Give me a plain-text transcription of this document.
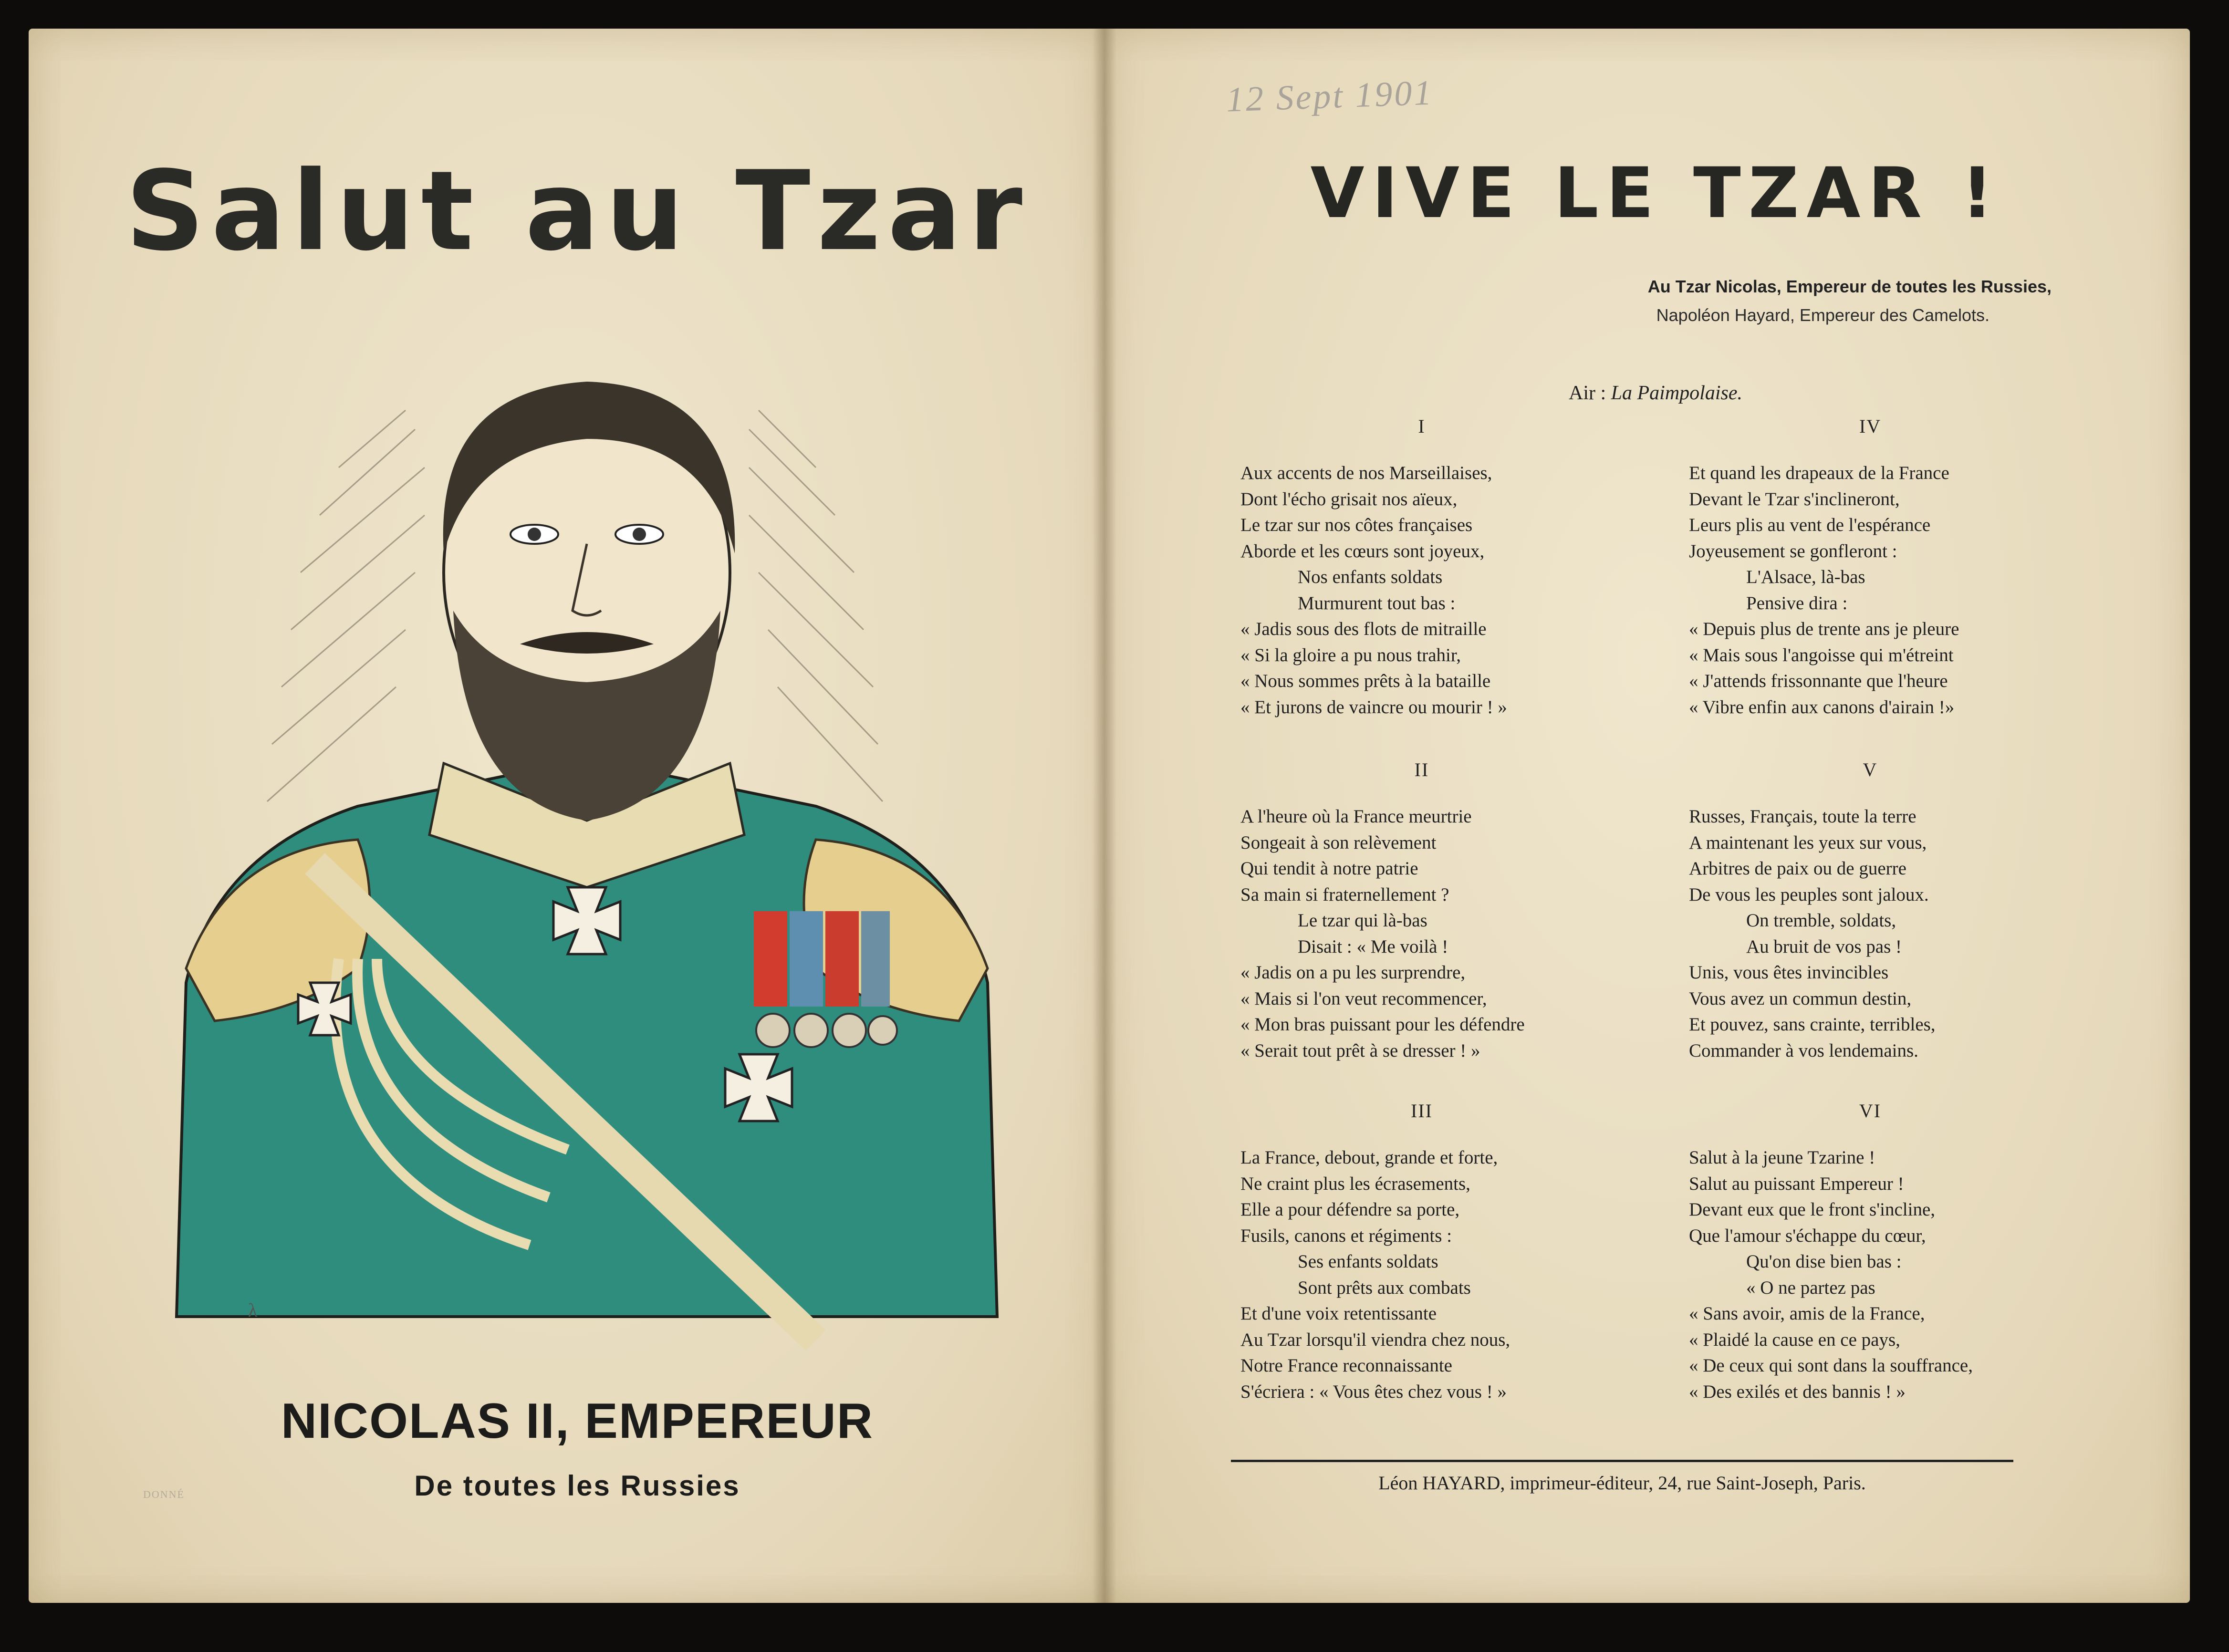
Salut au Tzar
λ
NICOLAS II, EMPEREUR
De toutes les Russies
DONNÉ
12 Sept 1901
VIVE LE TZAR !
Au Tzar Nicolas, Empereur de toutes les Russies,
Napoléon Hayard, Empereur des Camelots.
Air : La Paimpolaise.
I
Aux accents de nos Marseillaises,
Dont l'écho grisait nos aïeux,
Le tzar sur nos côtes françaises
Aborde et les cœurs sont joyeux,
Nos enfants soldats
Murmurent tout bas :
« Jadis sous des flots de mitraille
« Si la gloire a pu nous trahir,
« Nous sommes prêts à la bataille
« Et jurons de vaincre ou mourir ! »
II
A l'heure où la France meurtrie
Songeait à son relèvement
Qui tendit à notre patrie
Sa main si fraternellement ?
Le tzar qui là-bas
Disait : « Me voilà !
« Jadis on a pu les surprendre,
« Mais si l'on veut recommencer,
« Mon bras puissant pour les défendre
« Serait tout prêt à se dresser ! »
III
La France, debout, grande et forte,
Ne craint plus les écrasements,
Elle a pour défendre sa porte,
Fusils, canons et régiments :
Ses enfants soldats
Sont prêts aux combats
Et d'une voix retentissante
Au Tzar lorsqu'il viendra chez nous,
Notre France reconnaissante
S'écriera : « Vous êtes chez vous ! »
IV
Et quand les drapeaux de la France
Devant le Tzar s'inclineront,
Leurs plis au vent de l'espérance
Joyeusement se gonfleront :
L'Alsace, là-bas
Pensive dira :
« Depuis plus de trente ans je pleure
« Mais sous l'angoisse qui m'étreint
« J'attends frissonnante que l'heure
« Vibre enfin aux canons d'airain !»
V
Russes, Français, toute la terre
A maintenant les yeux sur vous,
Arbitres de paix ou de guerre
De vous les peuples sont jaloux.
On tremble, soldats,
Au bruit de vos pas !
Unis, vous êtes invincibles
Vous avez un commun destin,
Et pouvez, sans crainte, terribles,
Commander à vos lendemains.
VI
Salut à la jeune Tzarine !
Salut au puissant Empereur !
Devant eux que le front s'incline,
Que l'amour s'échappe du cœur,
Qu'on dise bien bas :
« O ne partez pas
« Sans avoir, amis de la France,
« Plaidé la cause en ce pays,
« De ceux qui sont dans la souffrance,
« Des exilés et des bannis ! »
Léon HAYARD, imprimeur-éditeur, 24, rue Saint-Joseph, Paris.
